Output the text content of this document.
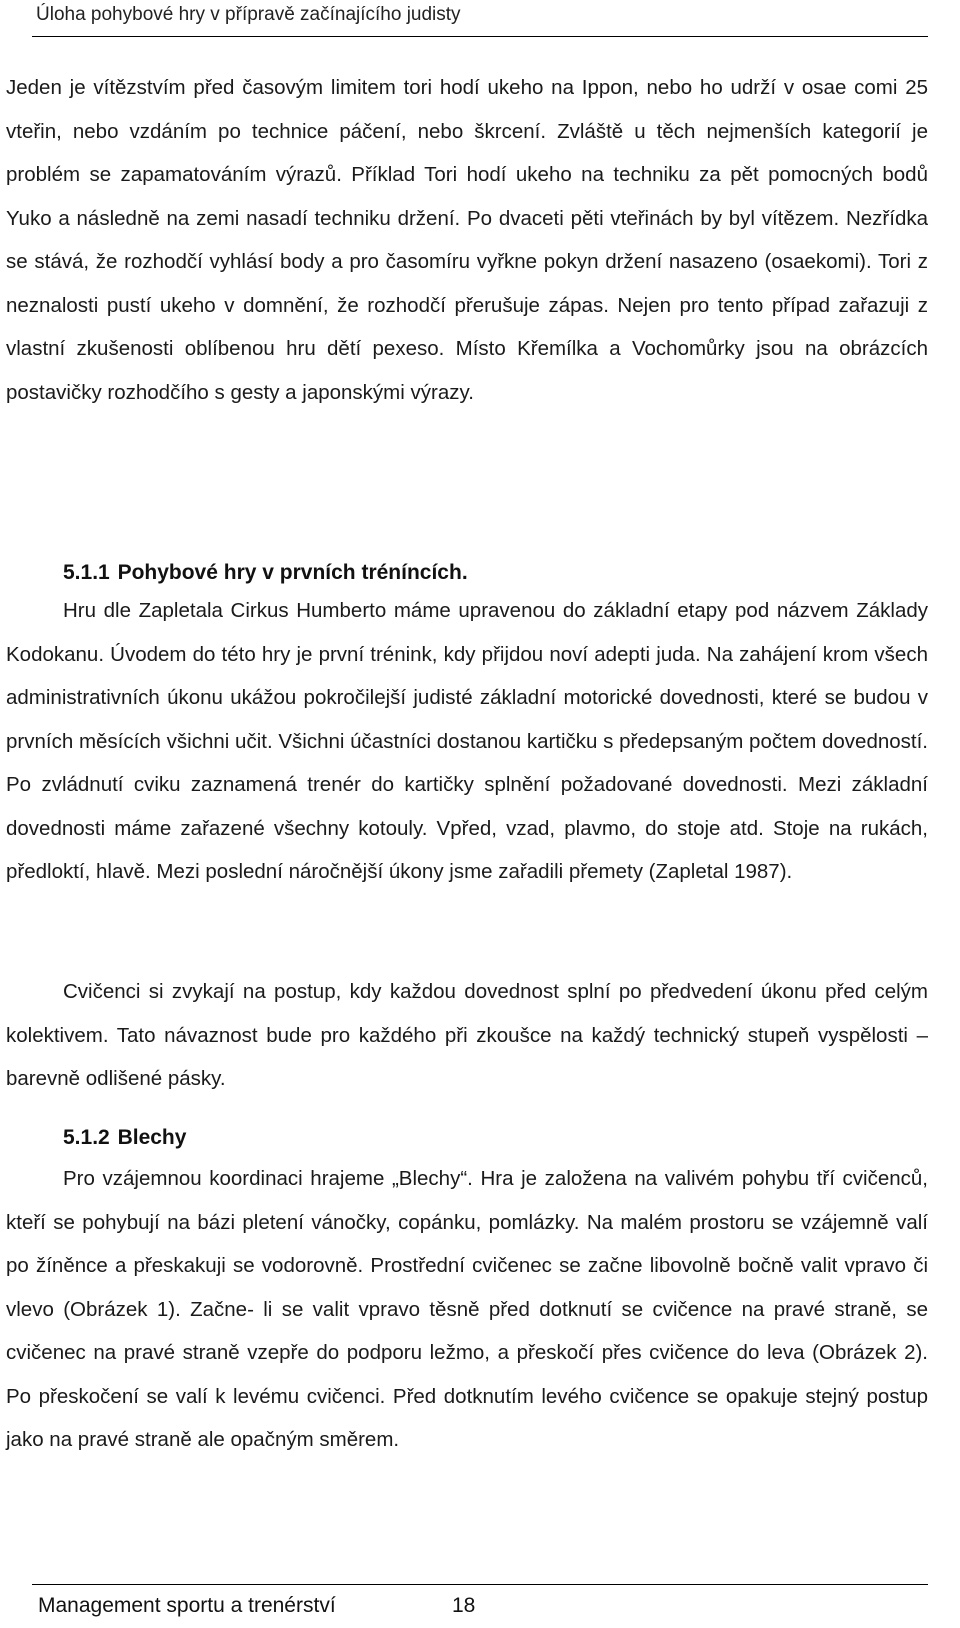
Úloha pohybové hry v přípravě začínajícího judisty

Jeden je vítězstvím před časovým limitem tori hodí ukeho na Ippon, nebo ho udrží v osae comi 25 vteřin, nebo vzdáním po technice páčení, nebo škrcení. Zvláště u těch nejmenších kategorií je problém se zapamatováním výrazů. Příklad Tori hodí ukeho na techniku za pět pomocných bodů Yuko a následně na zemi nasadí techniku držení. Po dvaceti pěti vteřinách by byl vítězem. Nezřídka se stává, že rozhodčí vyhlásí body a pro časomíru vyřkne pokyn držení nasazeno (osaekomi). Tori z neznalosti pustí ukeho v domnění, že rozhodčí přerušuje zápas. Nejen pro tento případ zařazuji z vlastní zkušenosti oblíbenou hru dětí pexeso. Místo Křemílka a Vochomůrky jsou na obrázcích postavičky rozhodčího s gesty a japonskými výrazy.

5.1.1 Pohybové hry v prvních tréníncích.

Hru dle Zapletala Cirkus Humberto máme upravenou do základní etapy pod názvem Základy Kodokanu. Úvodem do této hry je první trénink, kdy přijdou noví adepti juda. Na zahájení krom všech administrativních úkonu ukážou pokročilejší judisté základní motorické dovednosti, které se budou v prvních měsících všichni učit. Všichni účastníci dostanou kartičku s předepsaným počtem dovedností. Po zvládnutí cviku zaznamená trenér do kartičky splnění požadované dovednosti. Mezi základní dovednosti máme zařazené všechny kotouly. Vpřed, vzad, plavmo, do stoje atd. Stoje na rukách, předloktí, hlavě. Mezi poslední náročnější úkony jsme zařadili přemety (Zapletal 1987).

Cvičenci si zvykají na postup, kdy každou dovednost splní po předvedení úkonu před celým kolektivem. Tato návaznost bude pro každého při zkoušce na každý technický stupeň vyspělosti – barevně odlišené pásky.

5.1.2 Blechy

Pro vzájemnou koordinaci hrajeme „Blechy“. Hra je založena na valivém pohybu tří cvičenců, kteří se pohybují na bázi pletení vánočky, copánku, pomlázky. Na malém prostoru se vzájemně valí po žíněnce a přeskakuji se vodorovně. Prostřední cvičenec se začne libovolně bočně valit vpravo či vlevo (Obrázek 1). Začne- li se valit vpravo těsně před dotknutí se cvičence na pravé straně, se cvičenec na pravé straně vzepře do podporu ležmo, a přeskočí přes cvičence do leva (Obrázek 2). Po přeskočení se valí k levému cvičenci. Před dotknutím levého cvičence se opakuje stejný postup jako na pravé straně ale opačným směrem.

Management sportu a trenérství	18
